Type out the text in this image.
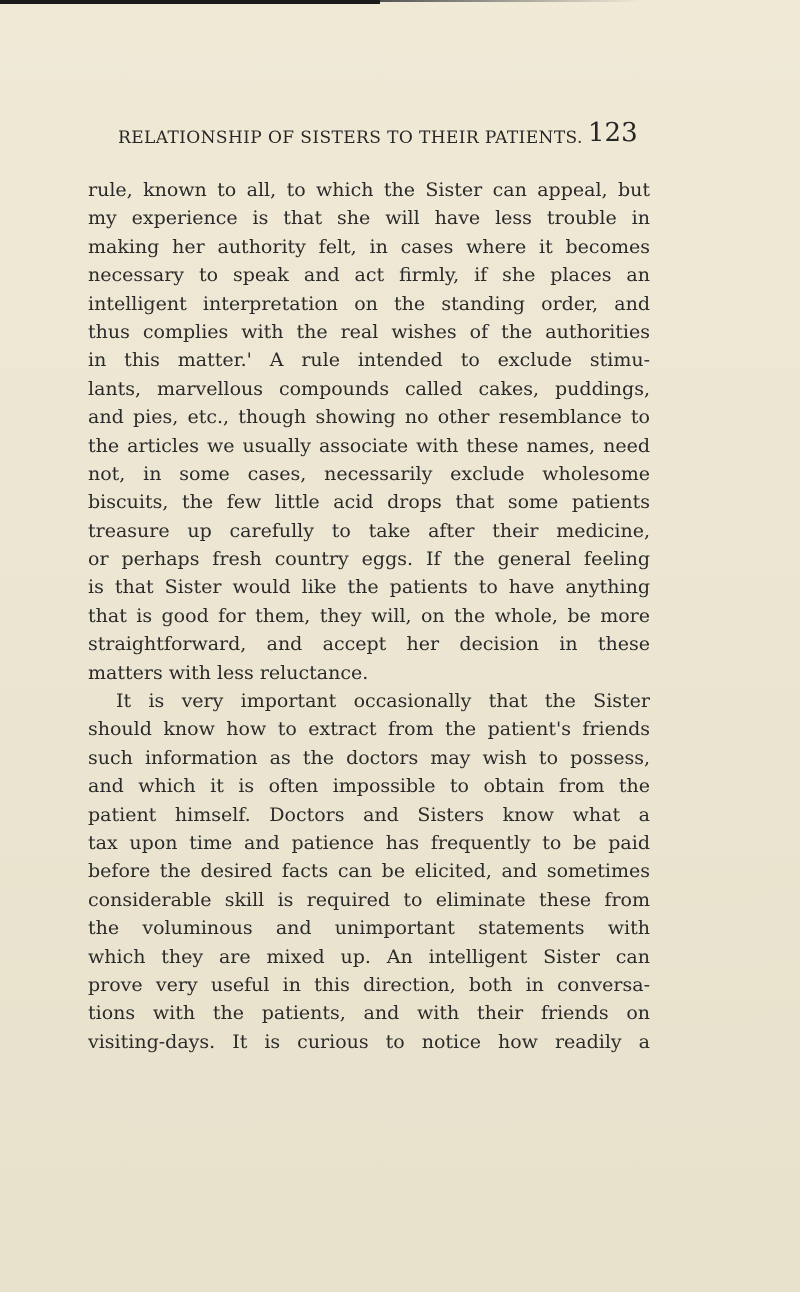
RELATIONSHIP OF SISTERS TO THEIR PATIENTS. 123
rule, known to all, to which the Sister can appeal, but
my experience is that she will have less trouble in
making her authority felt, in cases where it becomes
necessary to speak and act firmly, if she places an
intelligent interpretation on the standing order, and
thus complies with the real wishes of the authorities
in this matter.' A rule intended to exclude stimu-
lants, marvellous compounds called cakes, puddings,
and pies, etc., though showing no other resemblance to
the articles we usually associate with these names, need
not, in some cases, necessarily exclude wholesome
biscuits, the few little acid drops that some patients
treasure up carefully to take after their medicine,
or perhaps fresh country eggs. If the general feeling
is that Sister would like the patients to have anything
that is good for them, they will, on the whole, be more
straightforward, and accept her decision in these
matters with less reluctance.
It is very important occasionally that the Sister
should know how to extract from the patient's friends
such information as the doctors may wish to possess,
and which it is often impossible to obtain from the
patient himself. Doctors and Sisters know what a
tax upon time and patience has frequently to be paid
before the desired facts can be elicited, and sometimes
considerable skill is required to eliminate these from
the voluminous and unimportant statements with
which they are mixed up. An intelligent Sister can
prove very useful in this direction, both in conversa-
tions with the patients, and with their friends on
visiting-days. It is curious to notice how readily a
